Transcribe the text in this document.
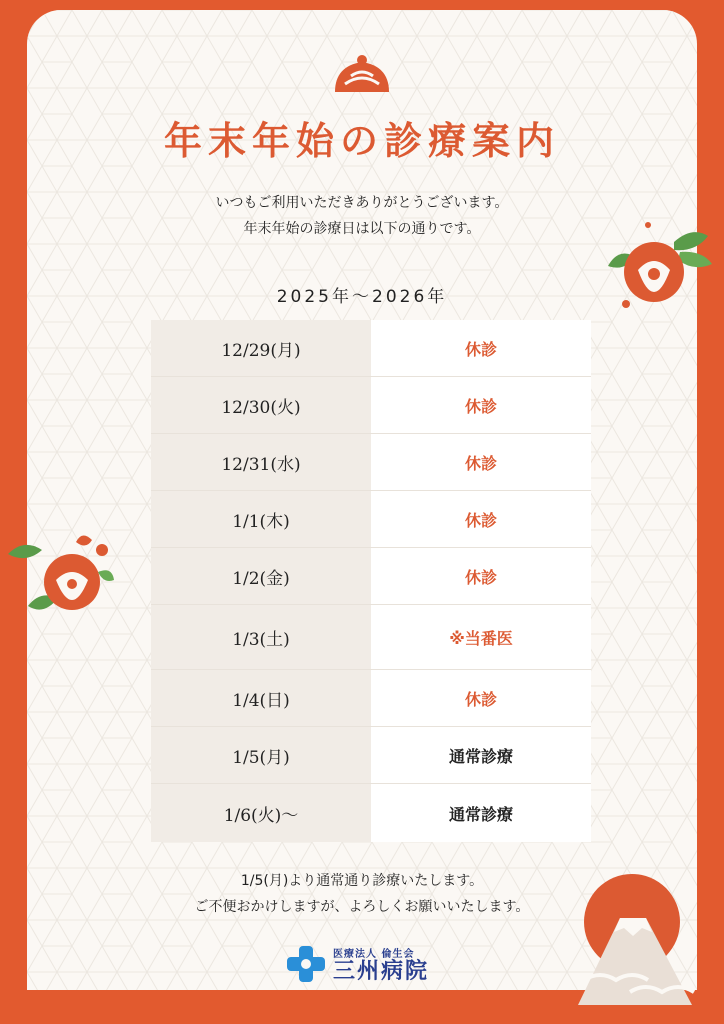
年末年始の診療案内
いつもご利用いただきありがとうございます。
年末年始の診療日は以下の通りです。
2025年～2026年
12/29(月)	休診
12/30(火)	休診
12/31(水)	休診
1/1(木)	休診
1/2(金)	休診
1/3(土)	※当番医
1/4(日)	休診
1/5(月)	通常診療
1/6(火)～	通常診療
1/5(月)より通常通り診療いたします。
ご不便おかけしますが、よろしくお願いいたします。
医療法人 倫生会
三州病院
